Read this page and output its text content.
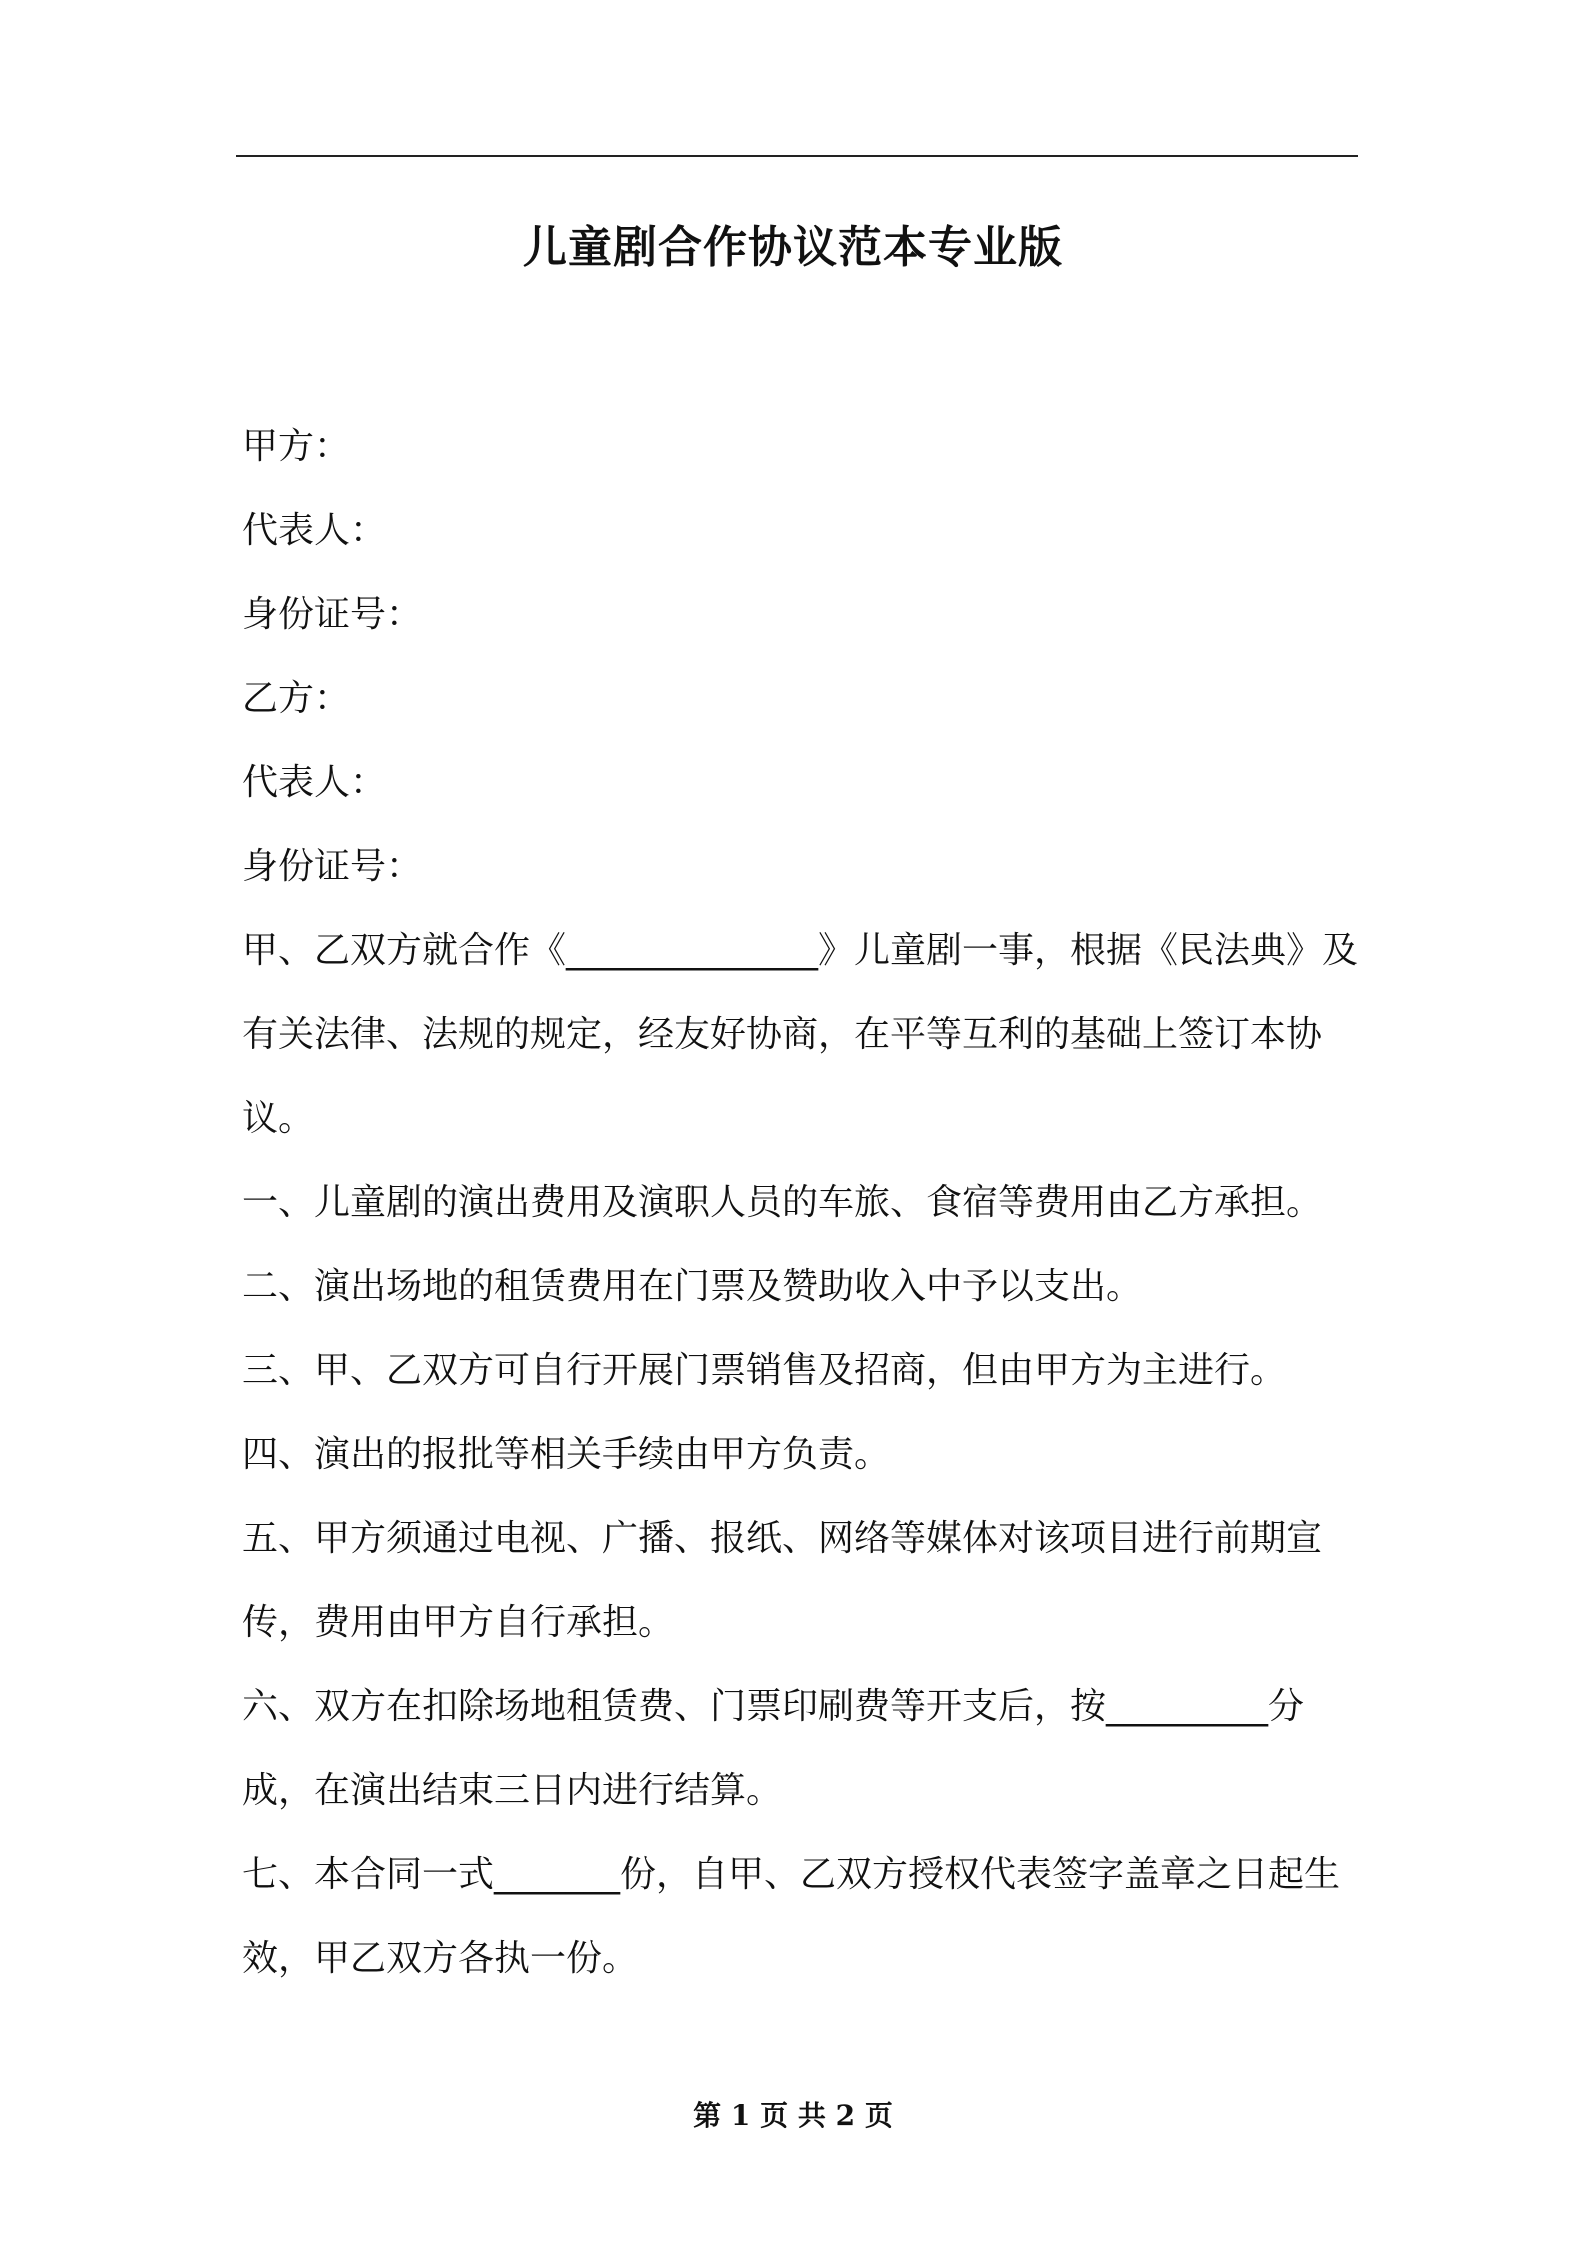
儿童剧合作协议范本专业版

甲方：

代表人：

身份证号：

乙方：

代表人：

身份证号：

甲、乙双方就合作《______________》儿童剧一事，根据《民法典》及有关法律、法规的规定，经友好协商，在平等互利的基础上签订本协议。

一、儿童剧的演出费用及演职人员的车旅、食宿等费用由乙方承担。

二、演出场地的租赁费用在门票及赞助收入中予以支出。

三、甲、乙双方可自行开展门票销售及招商，但由甲方为主进行。

四、演出的报批等相关手续由甲方负责。

五、甲方须通过电视、广播、报纸、网络等媒体对该项目进行前期宣传，费用由甲方自行承担。

六、双方在扣除场地租赁费、门票印刷费等开支后，按_________分成，在演出结束三日内进行结算。

七、本合同一式_______份，自甲、乙双方授权代表签字盖章之日起生效，甲乙双方各执一份。

第 1 页 共 2 页
